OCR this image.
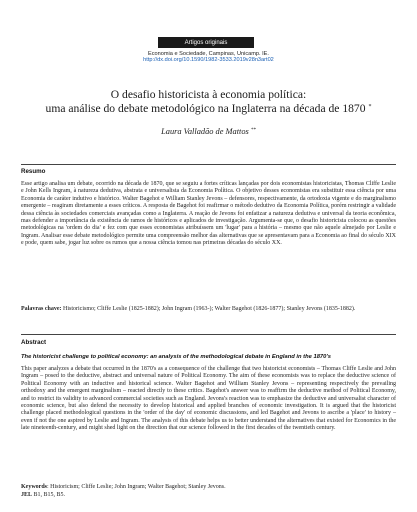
Artigos originais
Economia e Sociedade, Campinas, Unicamp. IE.
http://dx.doi.org/10.1590/1982-3533.2019v28n3art02
O desafio historicista à economia política:
uma análise do debate metodológico na Inglaterra na década de 1870 *
Laura Valladão de Mattos **
Resumo

Esse artigo analisa um debate, ocorrido na década de 1870, que se seguiu a fortes críticas lançadas por dois economistas historicistas, Thomas Cliffe Leslie e John Kells Ingram, à natureza dedutiva, abstrata e universalista da Economia Política. O objetivo desses economistas era substituir essa ciência por uma Economia de caráter indutivo e histórico. Walter Bagehot e William Stanley Jevons – defensores, respectivamente, da ortodoxia vigente e do marginalismo emergente – reagiram diretamente a esses críticos. A resposta de Bagehot foi reafirmar o método dedutivo da Economia Política, porém restringir a validade dessa ciência às sociedades comerciais avançadas como a Inglaterra. A reação de Jevons foi enfatizar a natureza dedutiva e universal da teoria econômica, mas defender a importância da existência de ramos de históricos e aplicados de investigação. Argumenta-se que, o desafio historicista colocou as questões metodológicas na 'ordem do dia' e fez com que esses economistas atribuíssem um 'lugar' para a história – mesmo que não aquele almejado por Leslie e Ingram. Analisar esse debate metodológico permite uma compreensão melhor das alternativas que se apresentavam para a Economia ao final do século XIX e pode, quem sabe, jogar luz sobre os rumos que a nossa ciência tomou nas primeiras décadas do século XX.

Palavras chave: Historicismo; Cliffe Leslie (1825-1882); John Ingram (1963-); Walter Bagehot (1826-1877); Stanley Jevons (1835-1882).

Abstract
The historicist challenge to political economy: an analysis of the methodological debate in England in the 1870's

This paper analyzes a debate that occurred in the 1870's as a consequence of the challenge that two historicist economists – Thomas Cliffe Leslie and John Ingram – posed to the deductive, abstract and universal nature of Political Economy. The aim of these economists was to replace the deductive science of Political Economy with an inductive and historical science. Walter Bagehot and William Stanley Jevons – representing respectively the prevailing orthodoxy and the emergent marginalism – reacted directly to these critics. Bagehot's answer was to reaffirm the deductive method of Political Economy, and to restrict its validity to advanced commercial societies such as England. Jevons's reaction was to emphasize the deductive and universalist character of economic science, but also defend the necessity to develop historical and applied branches of economic investigation. It is argued that the historicist challenge placed methodological questions in the 'order of the day' of economic discussions, and led Bagehot and Jevons to ascribe a 'place' to history – even if not the one aspired by Leslie and Ingram. The analysis of this debate helps us to better understand the alternatives that existed for Economics in the late nineteenth-century, and might shed light on the direction that our science followed in the first decades of the twentieth century.

Keywords: Historicism; Cliffe Leslie; John Ingram; Walter Bagehot; Stanley Jevons.

JEL B1, B15, B5.
